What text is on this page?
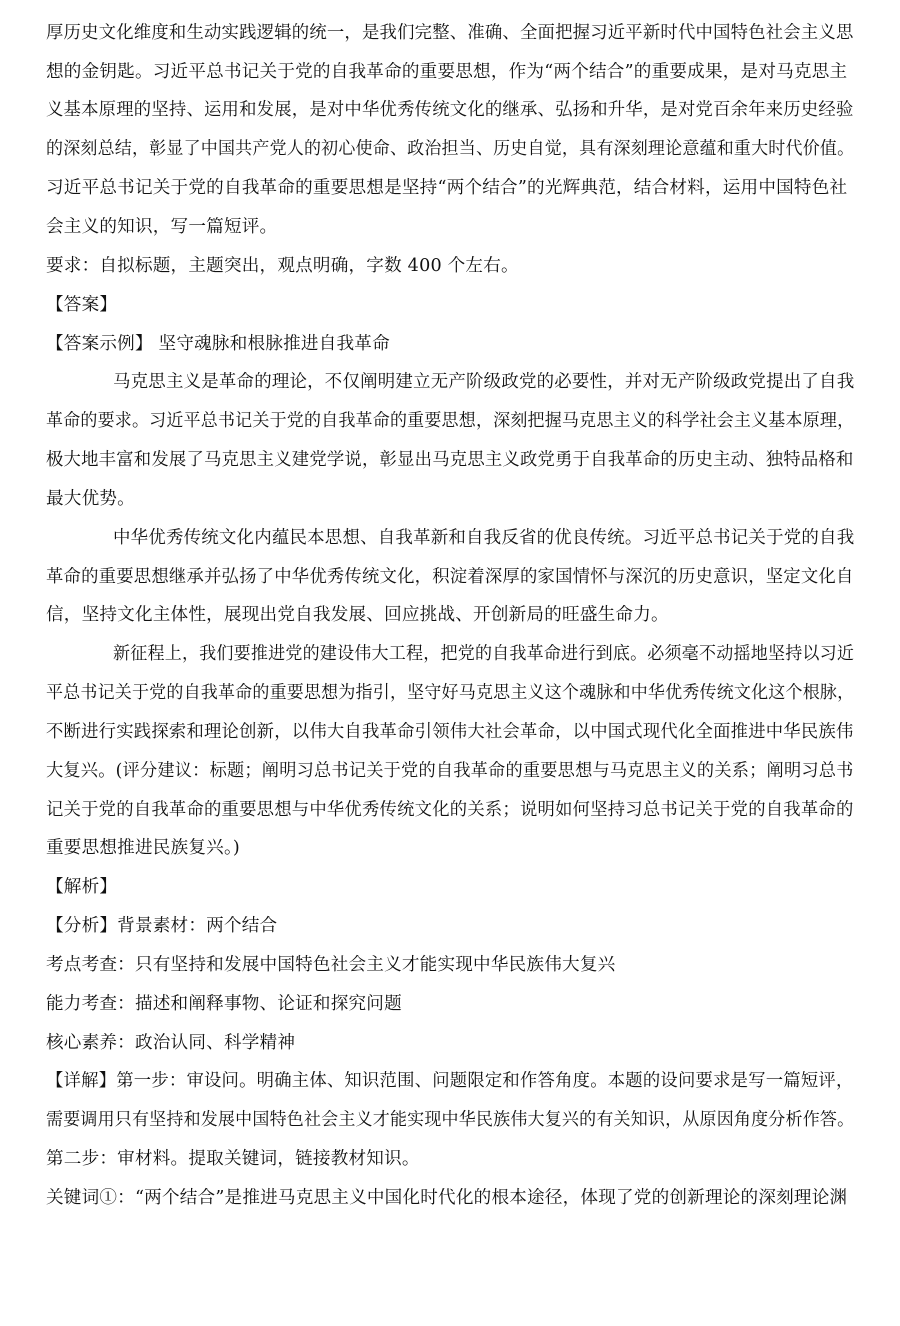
厚历史文化维度和生动实践逻辑的统一，是我们完整、准确、全面把握习近平新时代中国特色社会主义思
想的金钥匙。习近平总书记关于党的自我革命的重要思想，作为“两个结合”的重要成果，是对马克思主
义基本原理的坚持、运用和发展，是对中华优秀传统文化的继承、弘扬和升华，是对党百余年来历史经验
的深刻总结，彰显了中国共产党人的初心使命、政治担当、历史自觉，具有深刻理论意蕴和重大时代价值。
习近平总书记关于党的自我革命的重要思想是坚持“两个结合”的光辉典范，结合材料，运用中国特色社
会主义的知识，写一篇短评。
要求：自拟标题，主题突出，观点明确，字数 400 个左右。
【答案】
【答案示例】 坚守魂脉和根脉推进自我革命
马克思主义是革命的理论，不仅阐明建立无产阶级政党的必要性，并对无产阶级政党提出了自我
革命的要求。习近平总书记关于党的自我革命的重要思想，深刻把握马克思主义的科学社会主义基本原理，
极大地丰富和发展了马克思主义建党学说，彰显出马克思主义政党勇于自我革命的历史主动、独特品格和
最大优势。
中华优秀传统文化内蕴民本思想、自我革新和自我反省的优良传统。习近平总书记关于党的自我
革命的重要思想继承并弘扬了中华优秀传统文化，积淀着深厚的家国情怀与深沉的历史意识，坚定文化自
信，坚持文化主体性，展现出党自我发展、回应挑战、开创新局的旺盛生命力。
新征程上，我们要推进党的建设伟大工程，把党的自我革命进行到底。必须毫不动摇地坚持以习近
平总书记关于党的自我革命的重要思想为指引，坚守好马克思主义这个魂脉和中华优秀传统文化这个根脉，
不断进行实践探索和理论创新，以伟大自我革命引领伟大社会革命，以中国式现代化全面推进中华民族伟
大复兴。(评分建议：标题；阐明习总书记关于党的自我革命的重要思想与马克思主义的关系；阐明习总书
记关于党的自我革命的重要思想与中华优秀传统文化的关系；说明如何坚持习总书记关于党的自我革命的
重要思想推进民族复兴。)
【解析】
【分析】背景素材：两个结合
考点考查：只有坚持和发展中国特色社会主义才能实现中华民族伟大复兴
能力考查：描述和阐释事物、论证和探究问题
核心素养：政治认同、科学精神
【详解】第一步：审设问。明确主体、知识范围、问题限定和作答角度。本题的设问要求是写一篇短评，
需要调用只有坚持和发展中国特色社会主义才能实现中华民族伟大复兴的有关知识，从原因角度分析作答。
第二步：审材料。提取关键词，链接教材知识。
关键词①：“两个结合”是推进马克思主义中国化时代化的根本途径，体现了党的创新理论的深刻理论渊
